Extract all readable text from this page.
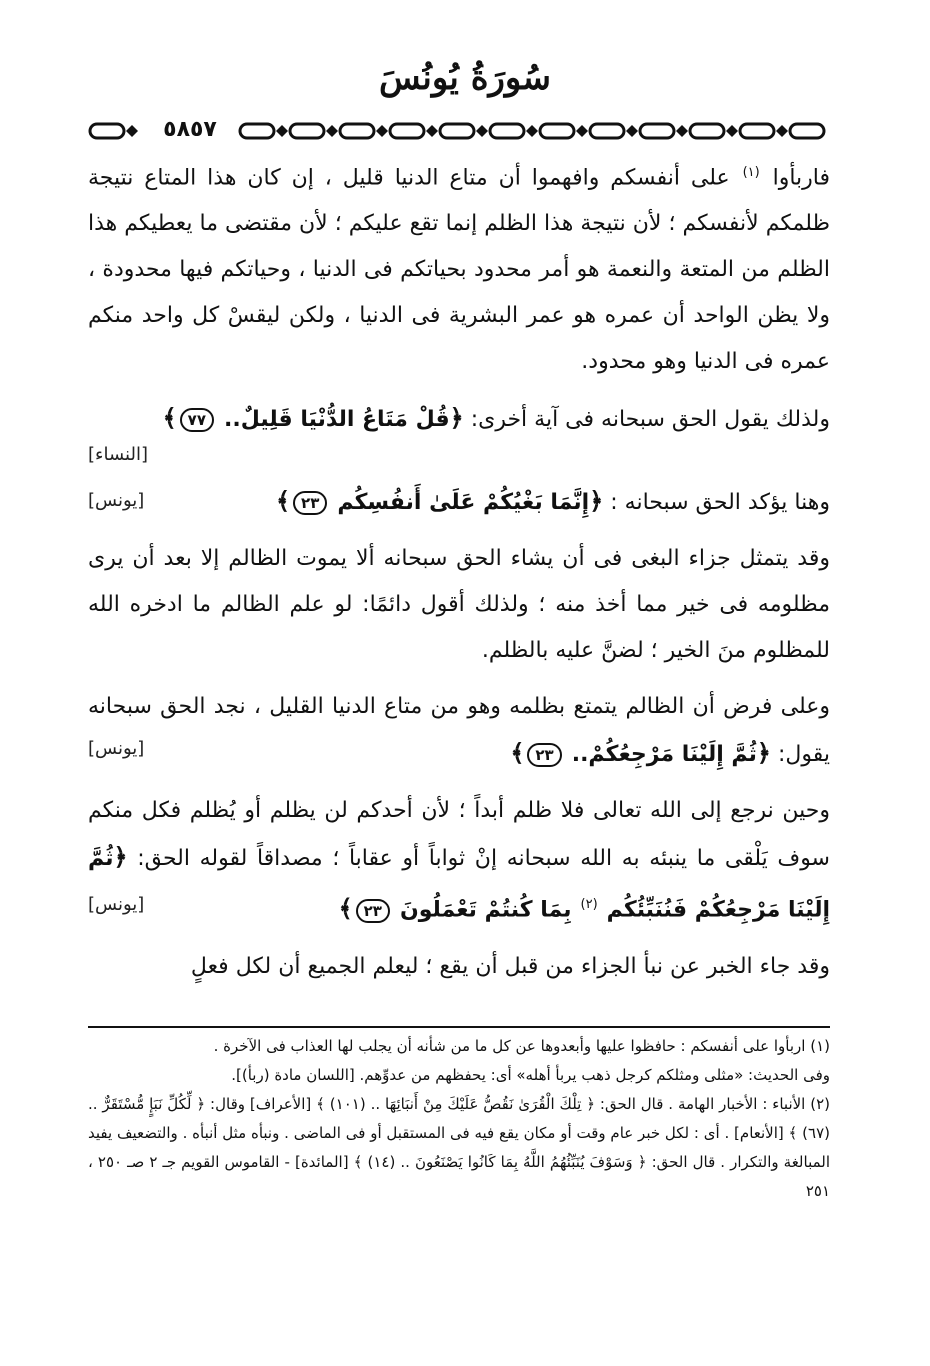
سُورَةُ يُونُسَ
٥٨٥٧

فاربأوا $^{(١)}$ على أنفسكم وافهموا أن متاع الدنيا قليل ، إن كان هذا المتاع نتيجة ظلمكم لأنفسكم ؛ لأن نتيجة هذا الظلم إنما تقع عليكم ؛ لأن مقتضى ما يعطيكم هذا الظلم من المتعة والنعمة هو أمر محدود بحياتكم فى الدنيا ، وحياتكم فيها محدودة ، ولا يظن الواحد أن عمره هو عمر البشرية فى الدنيا ، ولكن ليقسْ كل واحد منكم عمره فى الدنيا وهو محدود.

ولذلك يقول الحق سبحانه فى آية أخرى: ﴿قُلْ مَتَاعُ الدُّنْيَا قَلِيلٌ.. ٧٧﴾

[النساء]

وهنا يؤكد الحق سبحانه : ﴿إِنَّمَا بَغْيُكُمْ عَلَىٰ أَنفُسِكُم ٢٣﴾
[يونس]

وقد يتمثل جزاء البغى فى أن يشاء الحق سبحانه ألا يموت الظالم إلا بعد أن يرى مظلومه فى خير مما أخذ منه ؛ ولذلك أقول دائمًا: لو علم الظالم ما ادخره الله للمظلوم منَ الخير ؛ لضنَّ عليه بالظلم.

وعلى فرض أن الظالم يتمتع بظلمه وهو من متاع الدنيا القليل ، نجد الحق سبحانه يقول: ﴿ثُمَّ إِلَيْنَا مَرْجِعُكُمْ.. ٢٣﴾
[يونس]

وحين نرجع إلى الله تعالى فلا ظلم أبداً ؛ لأن أحدكم لن يظلم أو يُظلم فكل منكم سوف يَلْقى ما ينبئه به الله سبحانه إنْ ثواباً أو عقاباً ؛ مصداقاً لقوله الحق: ﴿ثُمَّ إِلَيْنَا مَرْجِعُكُمْ فَنُنَبِّئُكُم $^{(٢)}$ بِمَا كُنتُمْ تَعْمَلُونَ ٢٣﴾
[يونس]

وقد جاء الخبر عن نبأ الجزاء من قبل أن يقع ؛ ليعلم الجميع أن لكل فعلٍ

(١) اربأوا على أنفسكم : حافظوا عليها وأبعدوها عن كل ما من شأنه أن يجلب لها العذاب فى الآخرة .

وفى الحديث: «مثلى ومثلكم كرجل ذهب يربأ أهله» أى: يحفظهم من عدوِّهم. [اللسان مادة (ربأ)].

(٢) الأنباء : الأخبار الهامة . قال الحق: ﴿ تِلْكَ الْقُرَىٰ نَقُصُّ عَلَيْكَ مِنْ أَنبَائِهَا .. (١٠١) ﴾ [الأعراف] وقال: ﴿ لِّكُلِّ نَبَإٍ مُّسْتَقَرٌّ .. (٦٧) ﴾ [الأنعام] . أى : لكل خبر عام وقت أو مكان يقع فيه فى المستقبل أو فى الماضى . ونبأه مثل أنبأه . والتضعيف يفيد المبالغة والتكرار . قال الحق: ﴿ وَسَوْفَ يُنَبِّئُهُمُ اللَّهُ بِمَا كَانُوا يَصْنَعُونَ .. (١٤) ﴾ [المائدة] - القاموس القويم جـ ٢ صـ ٢٥٠ ، ٢٥١
